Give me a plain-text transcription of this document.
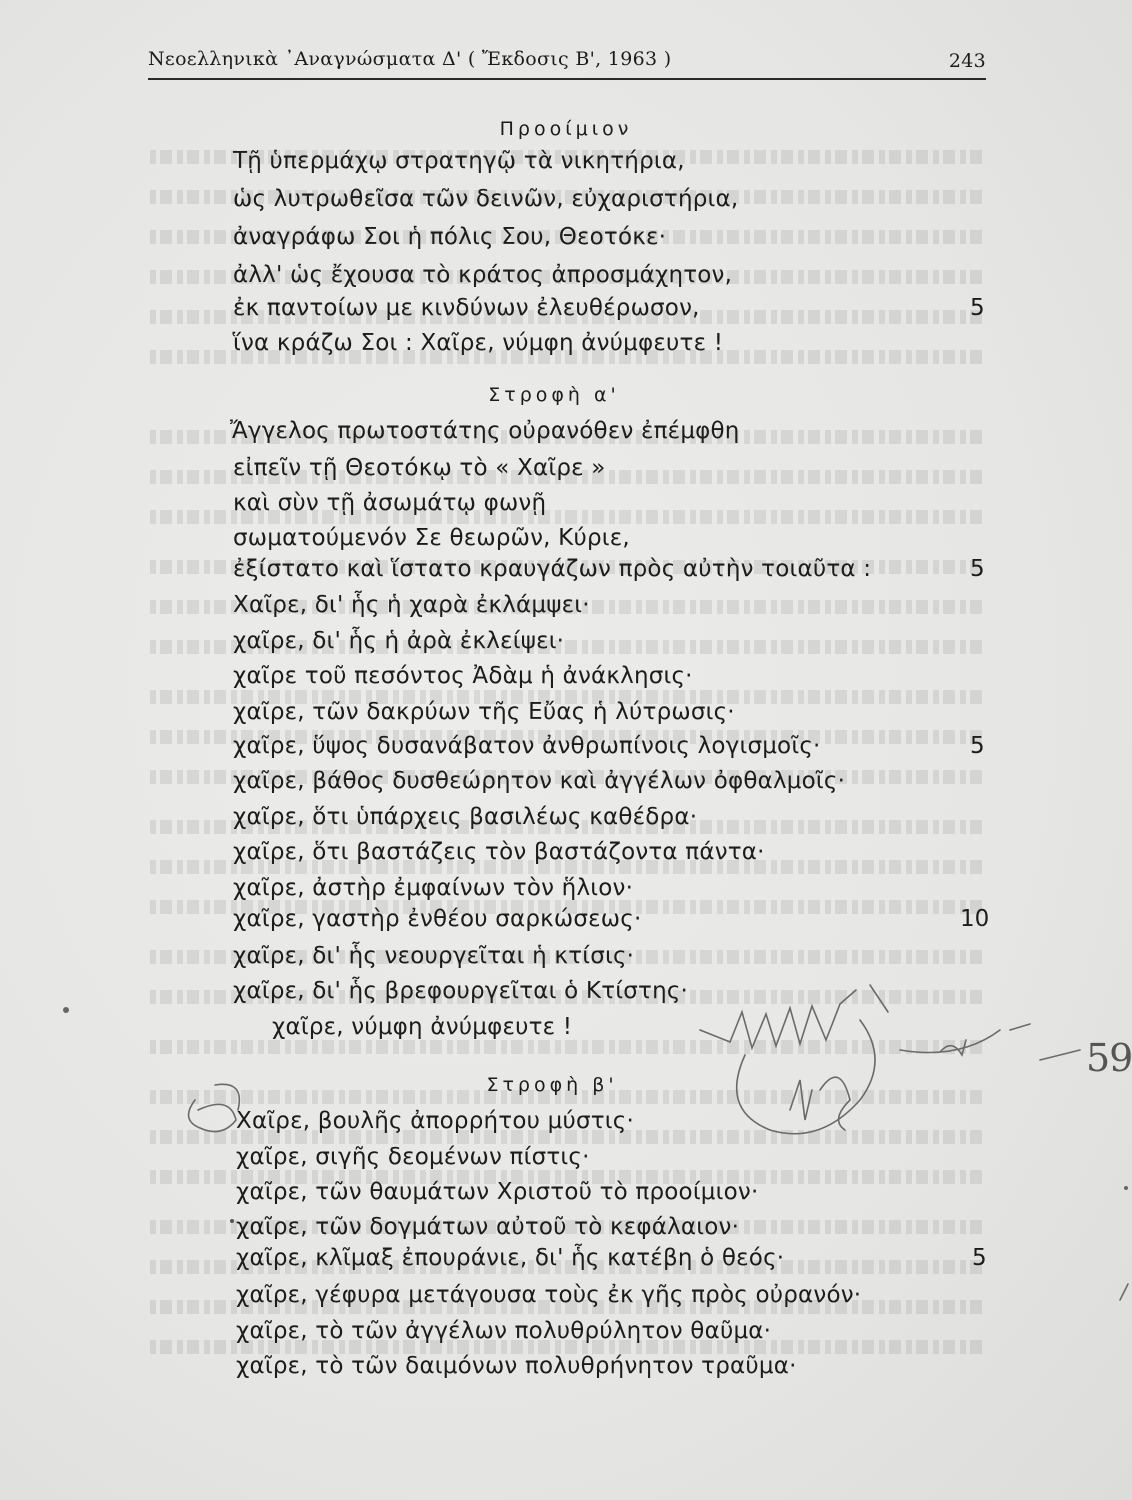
Νεοελληνικὰ ᾿Αναγνώσματα Δ' ( Ἔκδοσις Β', 1963 )	243
Προοίμιον
Τῇ ὑπερμάχῳ στρατηγῷ τὰ νικητήρια,
ὡς λυτρωθεῖσα τῶν δεινῶν, εὐχαριστήρια,
ἀναγράφω Σοι ἡ πόλις Σου, Θεοτόκε·
ἀλλ' ὡς ἔχουσα τὸ κράτος ἀπροσμάχητον,
ἐκ παντοίων με κινδύνων ἐλευθέρωσον,	5
ἵνα κράζω Σοι : Χαῖρε, νύμφη ἀνύμφευτε !
Στροφὴ α'
Ἄγγελος πρωτοστάτης οὐρανόθεν ἐπέμφθη
εἰπεῖν τῇ Θεοτόκῳ τὸ « Χαῖρε »
καὶ σὺν τῇ ἀσωμάτῳ φωνῇ
σωματούμενόν Σε θεωρῶν, Κύριε,
ἐξίστατο καὶ ἵστατο κραυγάζων πρὸς αὐτὴν τοιαῦτα :	5
Χαῖρε, δι' ἧς ἡ χαρὰ ἐκλάμψει·
χαῖρε, δι' ἧς ἡ ἀρὰ ἐκλείψει·
χαῖρε τοῦ πεσόντος Ἀδὰμ ἡ ἀνάκλησις·
χαῖρε, τῶν δακρύων τῆς Εὔας ἡ λύτρωσις·
χαῖρε, ὕψος δυσανάβατον ἀνθρωπίνοις λογισμοῖς·	5
χαῖρε, βάθος δυσθεώρητον καὶ ἀγγέλων ὀφθαλμοῖς·
χαῖρε, ὅτι ὑπάρχεις βασιλέως καθέδρα·
χαῖρε, ὅτι βαστάζεις τὸν βαστάζοντα πάντα·
χαῖρε, ἀστὴρ ἐμφαίνων τὸν ἥλιον·
χαῖρε, γαστὴρ ἐνθέου σαρκώσεως·	10
χαῖρε, δι' ἧς νεουργεῖται ἡ κτίσις·
χαῖρε, δι' ἧς βρεφουργεῖται ὁ Κτίστης·
χαῖρε, νύμφη ἀνύμφευτε !
Στροφὴ β'
Χαῖρε, βουλῆς ἀπορρήτου μύστις·
χαῖρε, σιγῆς δεομένων πίστις·
χαῖρε, τῶν θαυμάτων Χριστοῦ τὸ προοίμιον·
χαῖρε, τῶν δογμάτων αὐτοῦ τὸ κεφάλαιον·
χαῖρε, κλῖμαξ ἐπουράνιε, δι' ἧς κατέβη ὁ θεός·	5
χαῖρε, γέφυρα μετάγουσα τοὺς ἐκ γῆς πρὸς οὐρανόν·
χαῖρε, τὸ τῶν ἀγγέλων πολυθρύλητον θαῦμα·
χαῖρε, τὸ τῶν δαιμόνων πολυθρήνητον τραῦμα·
59
